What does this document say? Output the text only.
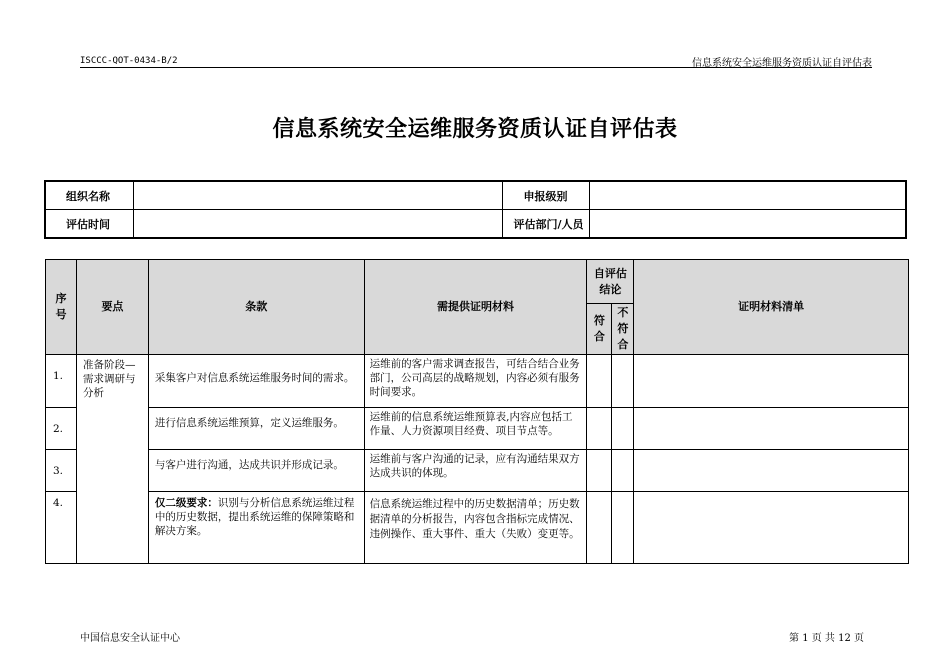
ISCCC-QOT-0434-B/2	信息系统安全运维服务资质认证自评估表
信息系统安全运维服务资质认证自评估表
组织名称		申报级别	
评估时间		评估部门/人员	
序号	要点	条款	需提供证明材料	自评估结论		证明材料清单
				符合	不符合	
1.	准备阶段—需求调研与分析	采集客户对信息系统运维服务时间的需求。	运维前的客户需求调查报告，可结合结合业务部门，公司高层的战略规划，内容必须有服务时间要求。			
2.		进行信息系统运维预算，定义运维服务。	运维前的信息系统运维预算表,内容应包括工作量、人力资源项目经费、项目节点等。			
3.		与客户进行沟通，达成共识并形成记录。	运维前与客户沟通的记录，应有沟通结果双方达成共识的体现。			
4.		仅二级要求：识别与分析信息系统运维过程中的历史数据，提出系统运维的保障策略和解决方案。	信息系统运维过程中的历史数据清单；历史数据清单的分析报告，内容包含指标完成情况、违例操作、重大事件、重大（失败）变更等。			
中国信息安全认证中心	第 1 页 共 12 页
